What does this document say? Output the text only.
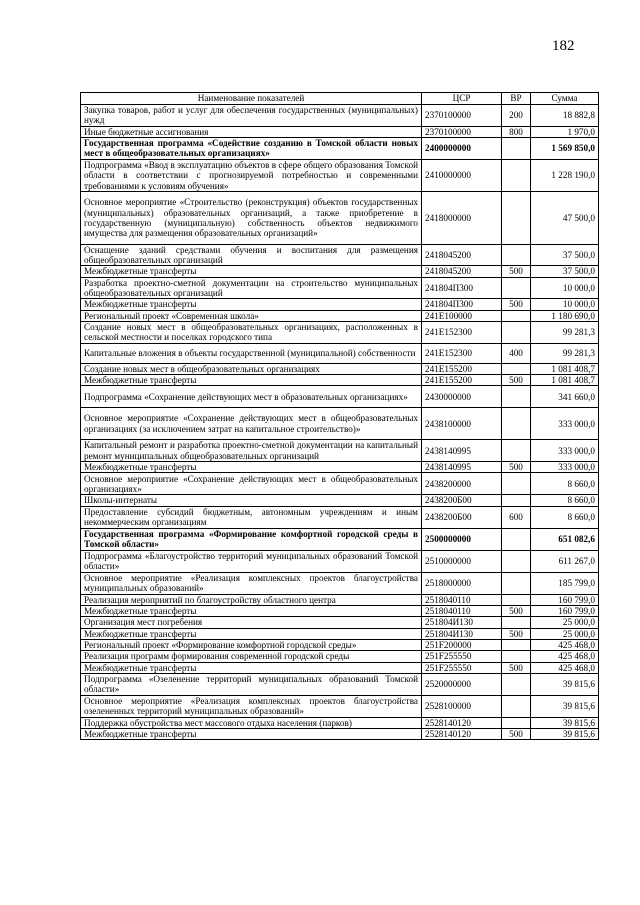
182
Наименование показателей	ЦСР	ВР	Сумма
Закупка товаров, работ и услуг для обеспечения государственных (муниципальных) нужд	2370100000	200	18 882,8
Иные бюджетные ассигнования	2370100000	800	1 970,0
Государственная программа «Содействие созданию в Томской области новых мест в общеобразовательных организациях»	2400000000		1 569 850,0
Подпрограмма «Ввод в эксплуатацию объектов в сфере общего образования Томской области в соответствии с прогнозируемой потребностью и современными требованиями к условиям обучения»	2410000000		1 228 190,0
Основное мероприятие «Строительство (реконструкция) объектов государственных (муниципальных) образовательных организаций, а также приобретение в государственную (муниципальную) собственность объектов недвижимого имущества для размещения образовательных организаций»	2418000000		47 500,0
Оснащение зданий средствами обучения и воспитания для размещения общеобразовательных организаций	2418045200		37 500,0
Межбюджетные трансферты	2418045200	500	37 500,0
Разработка проектно-сметной документации на строительство муниципальных общеобразовательных организаций	241804П300		10 000,0
Межбюджетные трансферты	241804П300	500	10 000,0
Региональный проект «Современная школа»	241E100000		1 180 690,0
Создание новых мест в общеобразовательных организациях, расположенных в сельской местности и поселках городского типа	241E152300		99 281,3
Капитальные вложения в объекты государственной (муниципальной) собственности	241E152300	400	99 281,3
Создание новых мест в общеобразовательных организациях	241E155200		1 081 408,7
Межбюджетные трансферты	241E155200	500	1 081 408,7
Подпрограмма «Сохранение действующих мест в образовательных организациях»	2430000000		341 660,0
Основное мероприятие «Сохранение действующих мест в общеобразовательных организациях (за исключением затрат на капитальное строительство)»	2438100000		333 000,0
Капитальный ремонт и разработка проектно-сметной документации на капитальный ремонт муниципальных общеобразовательных организаций	2438140995		333 000,0
Межбюджетные трансферты	2438140995	500	333 000,0
Основное мероприятие «Сохранение действующих мест в общеобразовательных организациях»	2438200000		8 660,0
Школы-интернаты	2438200Б00		8 660,0
Предоставление субсидий бюджетным, автономным учреждениям и иным некоммерческим организациям	2438200Б00	600	8 660,0
Государственная программа «Формирование комфортной городской среды в Томской области»	2500000000		651 082,6
Подпрограмма «Благоустройство территорий муниципальных образований Томской области»	2510000000		611 267,0
Основное мероприятие «Реализация комплексных проектов благоустройства муниципальных образований»	2518000000		185 799,0
Реализация мероприятий по благоустройству областного центра	2518040110		160 799,0
Межбюджетные трансферты	2518040110	500	160 799,0
Организация мест погребения	251804И130		25 000,0
Межбюджетные трансферты	251804И130	500	25 000,0
Региональный проект «Формирование комфортной городской среды»	251F200000		425 468,0
Реализация программ формирования современной городской среды	251F255550		425 468,0
Межбюджетные трансферты	251F255550	500	425 468,0
Подпрограмма «Озеленение территорий муниципальных образований Томской области»	2520000000		39 815,6
Основное мероприятие «Реализация комплексных проектов благоустройства озелененных территорий муниципальных образований»	2528100000		39 815,6
Поддержка обустройства мест массового отдыха населения (парков)	2528140120		39 815,6
Межбюджетные трансферты	2528140120	500	39 815,6
